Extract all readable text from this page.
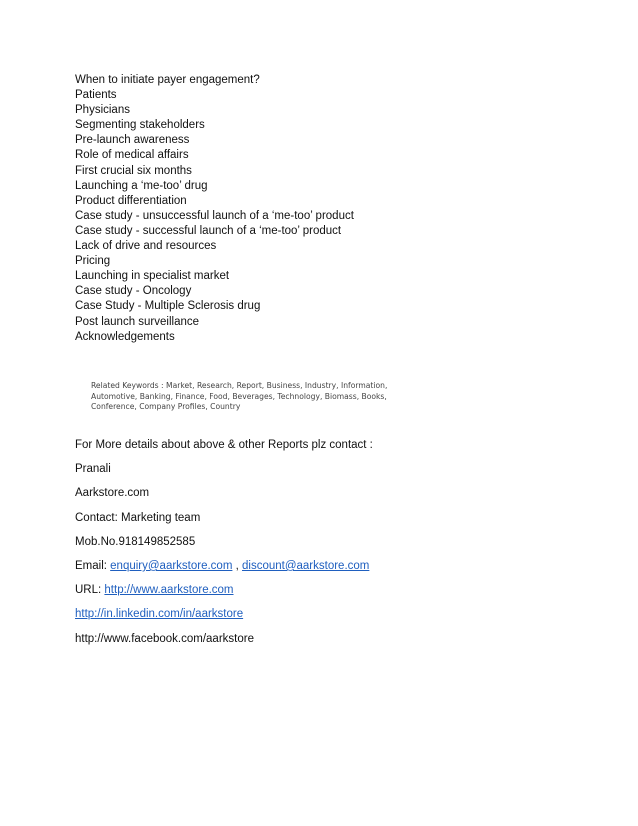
When to initiate payer engagement?
Patients
Physicians
Segmenting stakeholders
Pre-launch awareness
Role of medical affairs
First crucial six months
Launching a ‘me-too’ drug
Product differentiation
Case study - unsuccessful launch of a ‘me-too’ product
Case study - successful launch of a ‘me-too’ product
Lack of drive and resources
Pricing
Launching in specialist market
Case study - Oncology
Case Study - Multiple Sclerosis drug
Post launch surveillance
Acknowledgements

Related Keywords : Market, Research, Report, Business, Industry, Information, Automotive, Banking, Finance, Food, Beverages, Technology, Biomass, Books, Conference, Company Profiles, Country

For More details about above & other Reports plz contact :
Pranali
Aarkstore.com
Contact: Marketing team
Mob.No.918149852585
Email: enquiry@aarkstore.com , discount@aarkstore.com
URL: http://www.aarkstore.com
http://in.linkedin.com/in/aarkstore
http://www.facebook.com/aarkstore
